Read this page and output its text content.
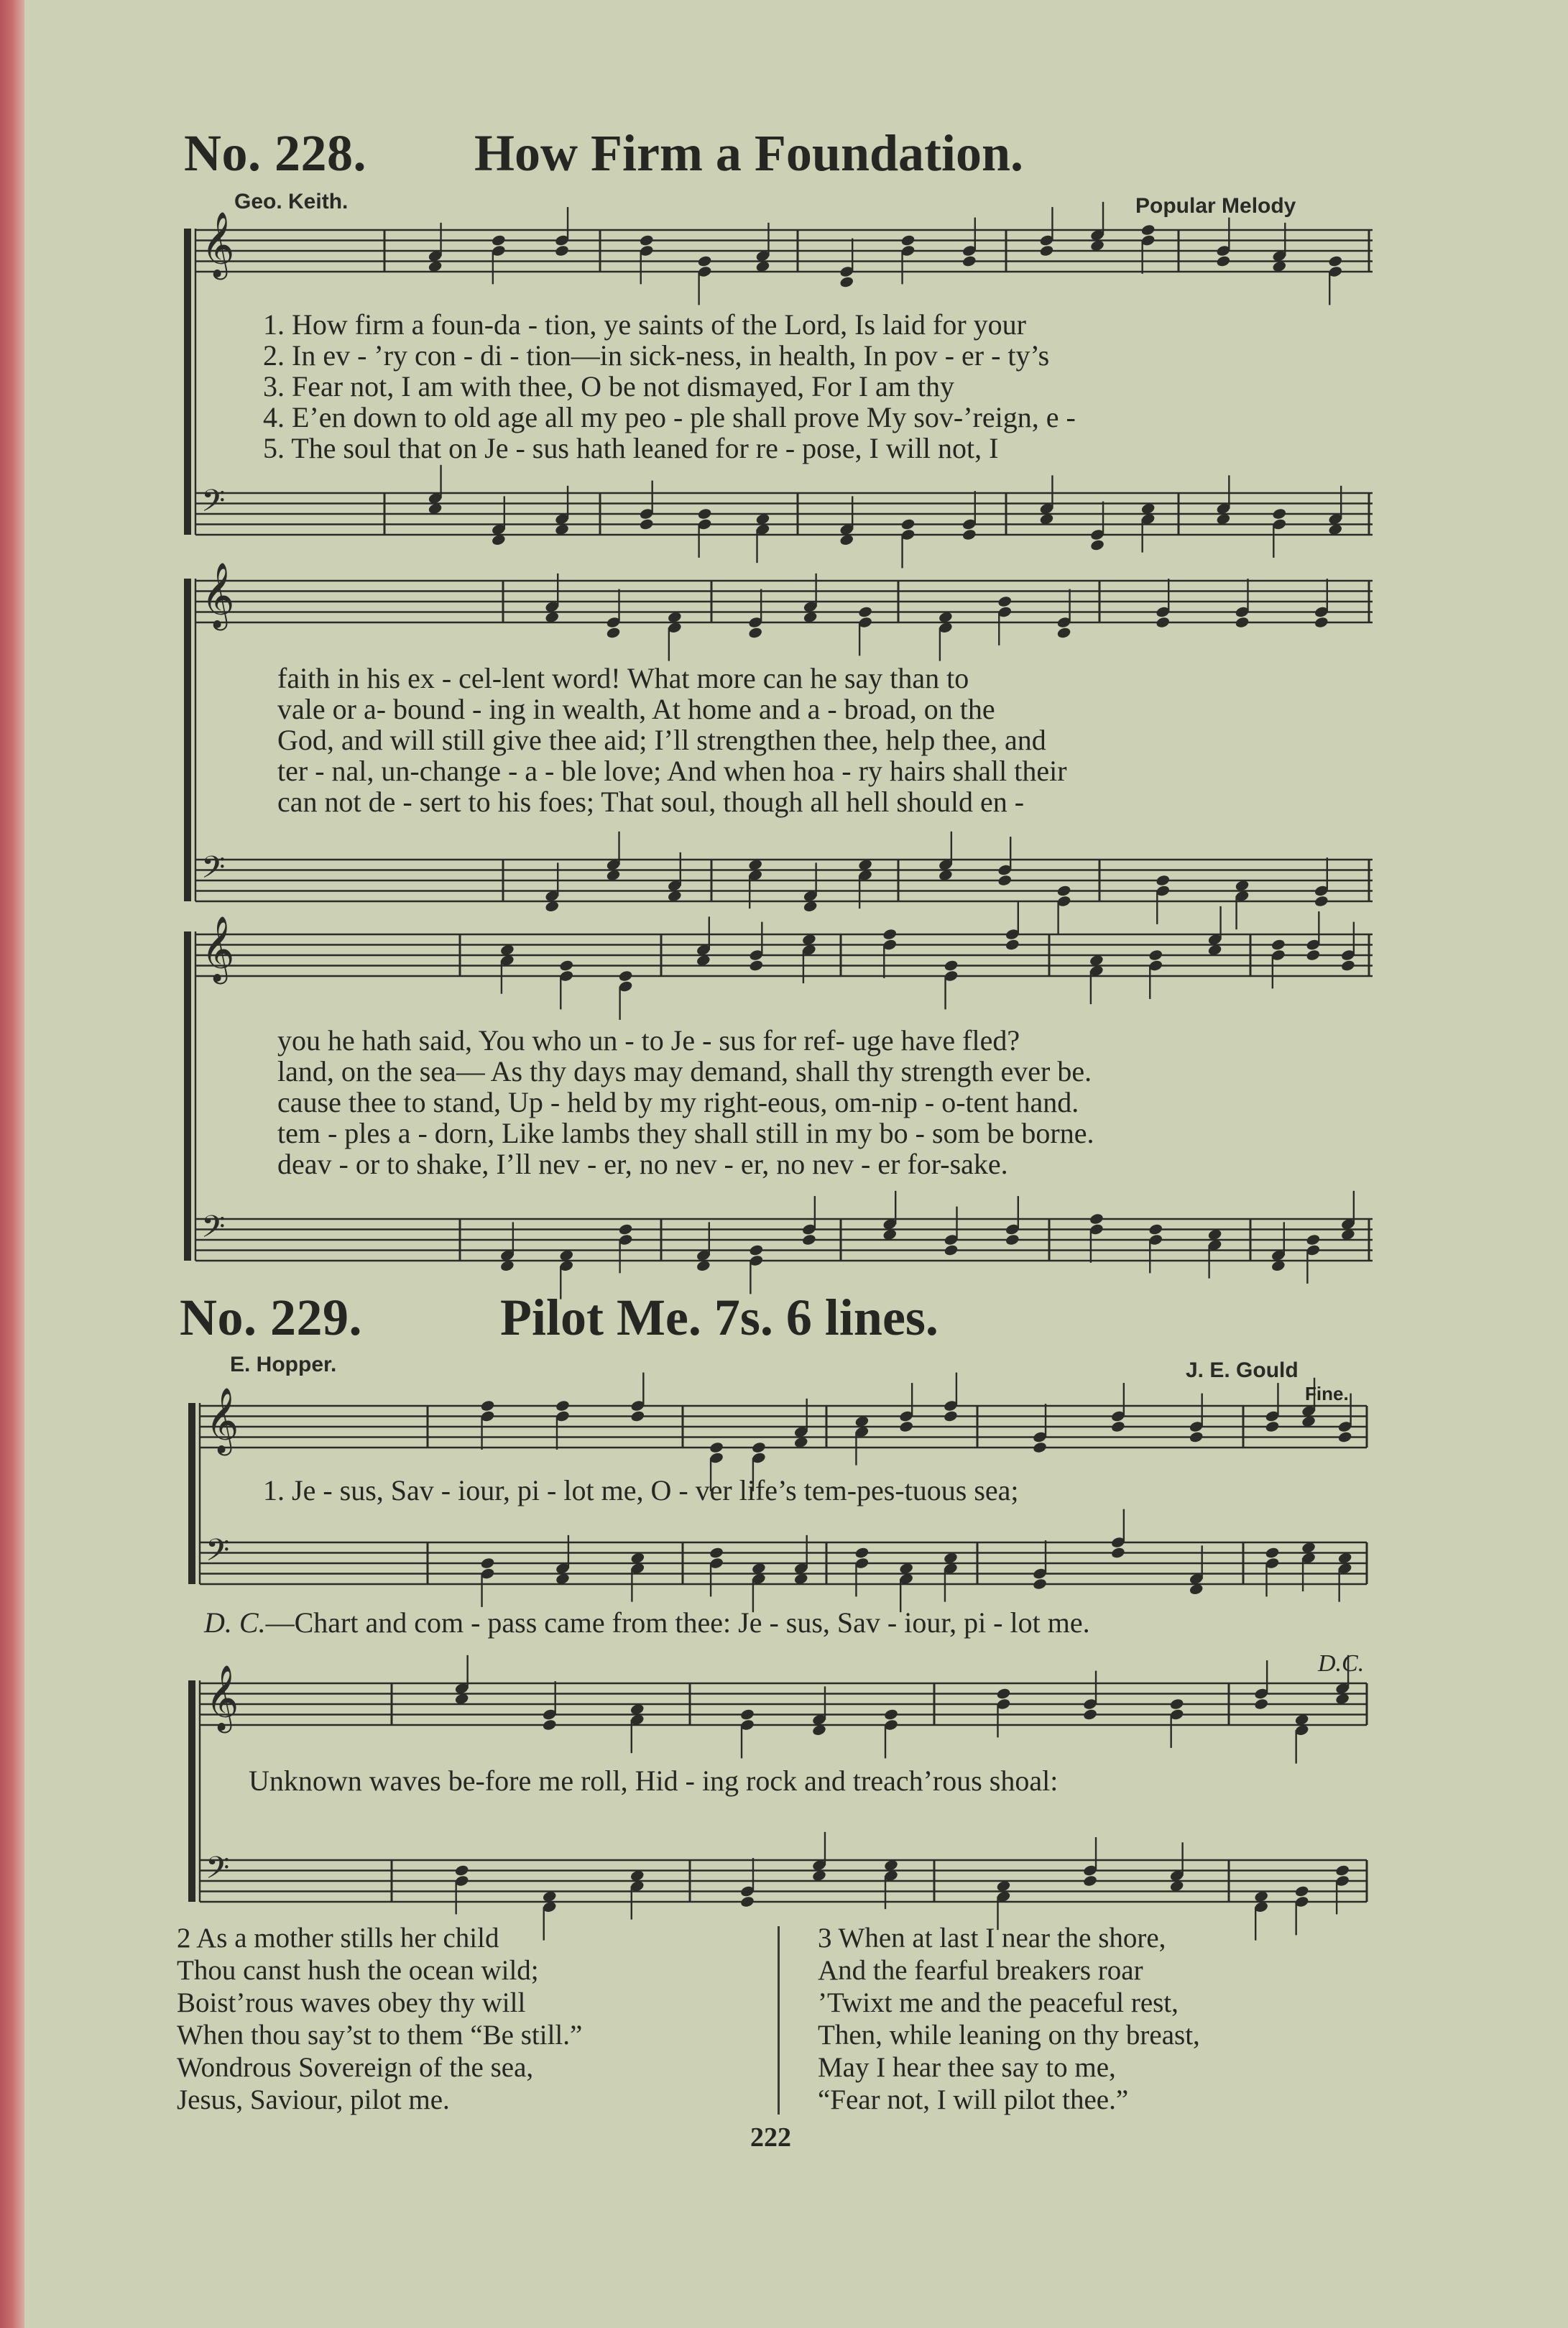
𝄞
𝄢
𝄞
𝄢
𝄞
𝄢
𝄞
𝄢
𝄞
𝄢
No. 228. How Firm a Foundation.
Geo. Keith.	Popular Melody
1. How firm a foun-da - tion, ye saints of the Lord, Is laid for your
2. In ev - ’ry con - di - tion—in sick-ness, in health, In pov - er - ty’s
3. Fear not, I am with thee, O be not dismayed, For I am thy
4. E’en down to old age all my peo - ple shall prove My sov-’reign, e -
5. The soul that on Je - sus hath leaned for re - pose, I will not, I
faith in his ex - cel-lent word! What more can he say than to
vale or a- bound - ing in wealth, At home and a - broad, on the
God, and will still give thee aid; I’ll strengthen thee, help thee, and
ter - nal, un-change - a - ble love; And when hoa - ry hairs shall their
can not de - sert to his foes; That soul, though all hell should en -
you he hath said, You who un - to Je - sus for ref- uge have fled?
land, on the sea— As thy days may demand, shall thy strength ever be.
cause thee to stand, Up - held by my right-eous, om-nip - o-tent hand.
tem - ples a - dorn, Like lambs they shall still in my bo - som be borne.
deav - or to shake, I’ll nev - er, no nev - er, no nev - er for-sake.
No. 229.	Pilot Me. 7s. 6 lines.
E. Hopper.	J. E. Gould
Fine.
1. Je - sus, Sav - iour, pi - lot me, O - ver life’s tem-pes-tuous sea;
D. C.—Chart and com - pass came from thee: Je - sus, Sav - iour, pi - lot me.
D.C.
Unknown waves be-fore me roll, Hid - ing rock and treach’rous shoal:
2 As a mother stills her child
Thou canst hush the ocean wild;
Boist’rous waves obey thy will
When thou say’st to them “Be still.”
Wondrous Sovereign of the sea,
Jesus, Saviour, pilot me.
3 When at last I near the shore,
And the fearful breakers roar
’Twixt me and the peaceful rest,
Then, while leaning on thy breast,
May I hear thee say to me,
“Fear not, I will pilot thee.”
222
